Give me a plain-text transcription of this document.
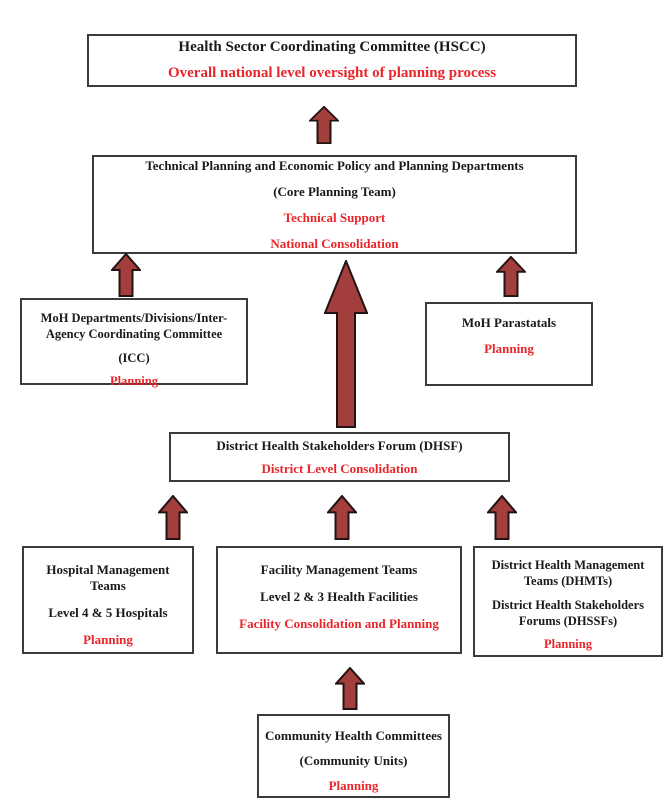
Health Sector Coordinating Committee (HSCC)
Overall national level oversight of planning process
Technical Planning and Economic Policy and Planning Departments
(Core Planning Team)
Technical Support
National Consolidation
MoH Departments/Divisions/Inter-Agency Coordinating Committee
(ICC)
Planning
MoH Parastatals
Planning
District Health Stakeholders Forum (DHSF)
District Level Consolidation
Hospital Management Teams
Level 4 & 5 Hospitals
Planning
Facility Management Teams
Level 2 & 3 Health Facilities
Facility Consolidation and Planning
District Health Management Teams (DHMTs)
District Health Stakeholders Forums (DHSSFs)
Planning
Community Health Committees
(Community Units)
Planning
